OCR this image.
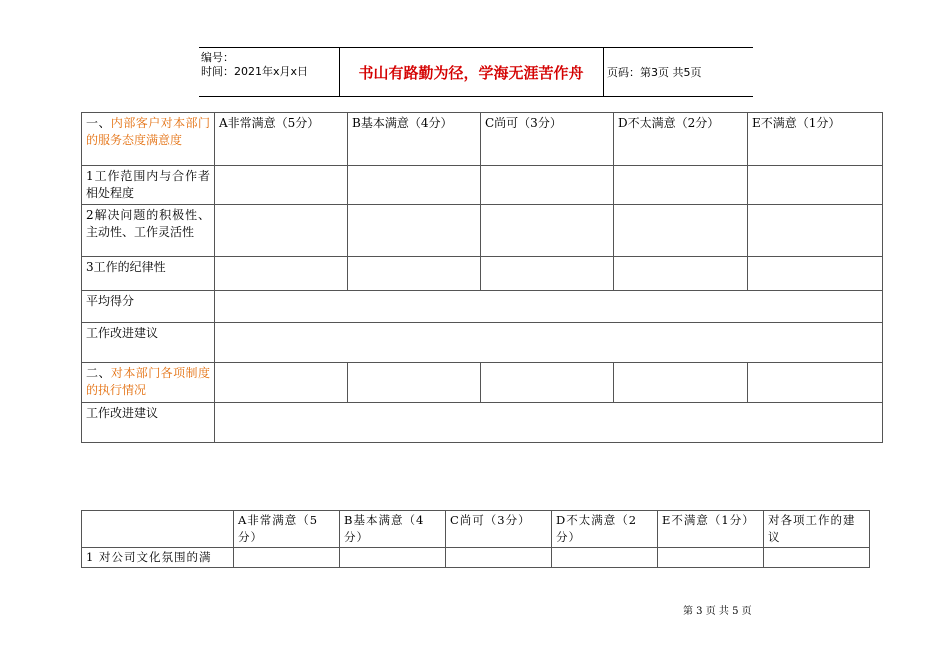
编号：
时间：2021年x月x日	书山有路勤为径，学海无涯苦作舟	页码：第3页 共5页
一、内部客户对本部门的服务态度满意度	A非常满意（5分）	B基本满意（4分）	C尚可（3分）	D不太满意（2分）	E不满意（1分）
1工作范围内与合作者相处程度					
2解决问题的积极性、主动性、工作灵活性					
3工作的纪律性					
平均得分					
工作改进建议					
二、对本部门各项制度的执行情况					
工作改进建议					
	A非常满意（5分）	B基本满意（4分）	C尚可（3分）	D不太满意（2分）	E不满意（1分）	对各项工作的建议
1 对公司文化氛围的满						
第 3 页 共 5 页
